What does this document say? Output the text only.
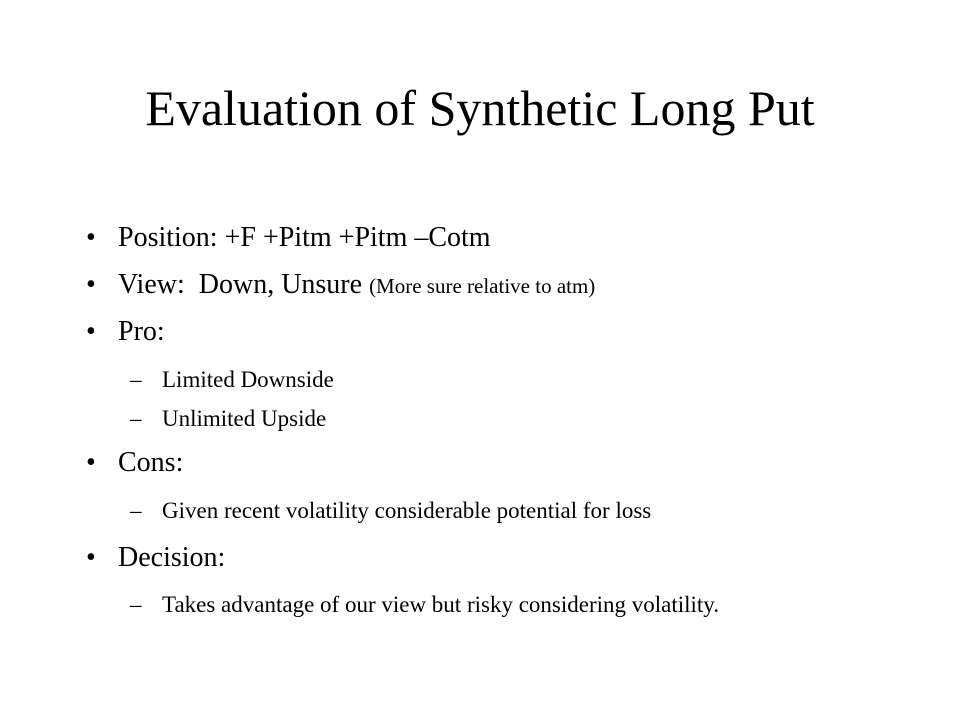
Evaluation of Synthetic Long Put
• Position: +F +Pitm +Pitm –Cotm
• View:  Down, Unsure (More sure relative to atm)
• Pro:
– Limited Downside
– Unlimited Upside
• Cons:
– Given recent volatility considerable potential for loss
• Decision:
– Takes advantage of our view but risky considering volatility.
